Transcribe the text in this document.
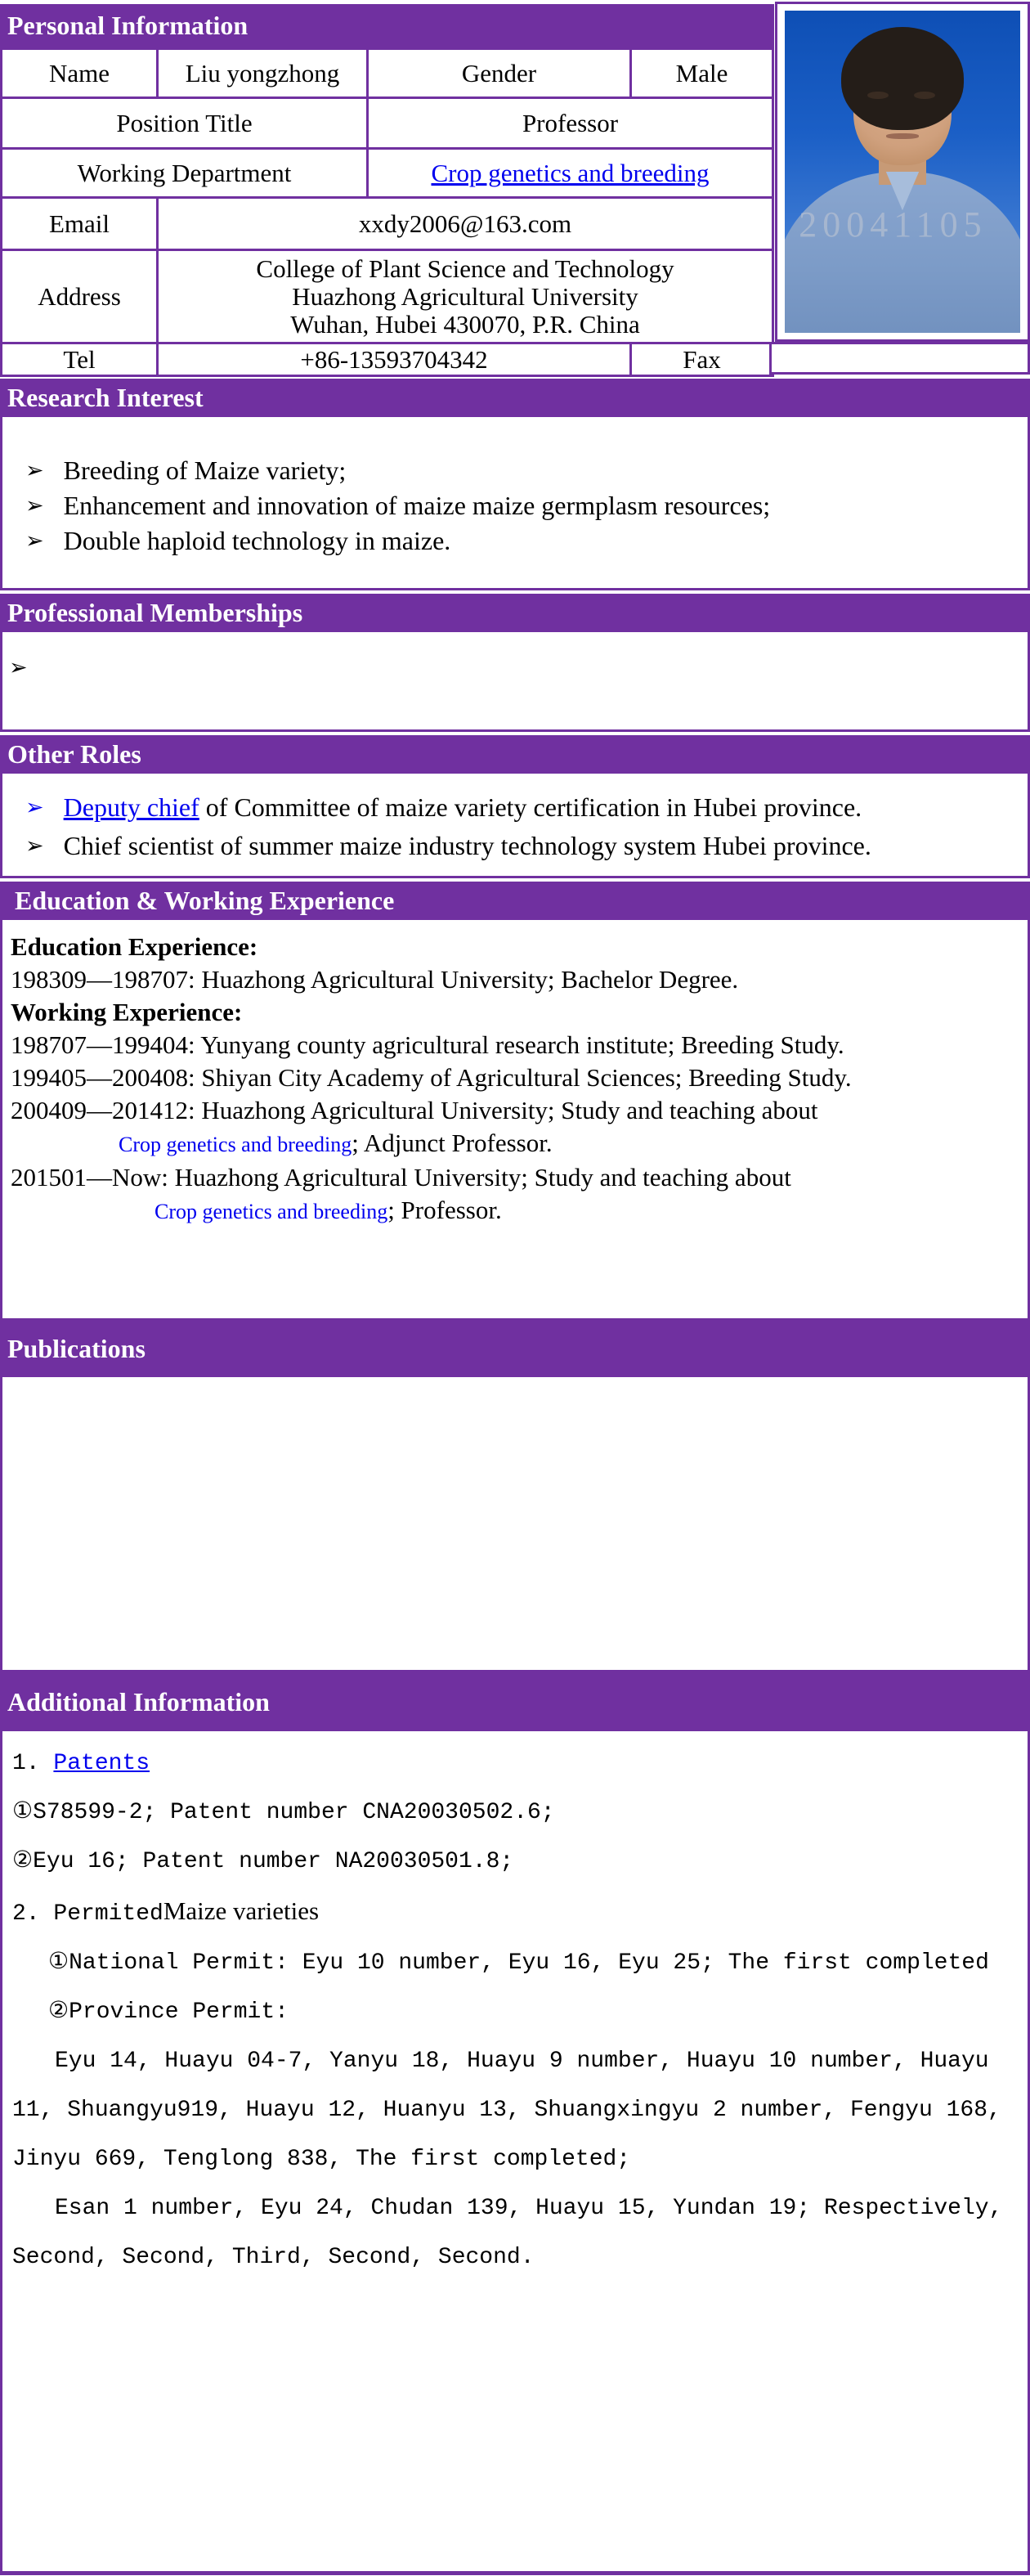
Personal Information
Name	Liu yongzhong	Gender	Male
Position Title		Professor	
Working Department		Crop genetics and breeding	
Email	xxdy2006@163.com		
Address	College of Plant Science and Technology
Huazhong Agricultural University
Wuhan, Hubei 430070, P.R. China		

Tel	+86-13593704342		Fax
20041105
Research Interest
➢ Breeding of Maize variety;
➢ Enhancement and innovation of maize maize germplasm resources;
➢ Double haploid technology in maize.
Professional Memberships
➢
Other Roles
➢ Deputy chief of Committee of maize variety certification in Hubei province.
➢ Chief scientist of summer maize industry technology system Hubei province.
Education & Working Experience
Education Experience:
198309—198707: Huazhong Agricultural University; Bachelor Degree.
Working Experience:
198707—199404: Yunyang county agricultural research institute; Breeding Study.
199405—200408: Shiyan City Academy of Agricultural Sciences; Breeding Study.
200409—201412: Huazhong Agricultural University; Study and teaching about
Crop genetics and breeding; Adjunct Professor.
201501—Now: Huazhong Agricultural University; Study and teaching about
Crop genetics and breeding; Professor.
Publications
Additional Information
1. Patents
①S78599-2; Patent number CNA20030502.6;
②Eyu 16; Patent number NA20030501.8;
2. PermitedMaize varieties
①National Permit: Eyu 10 number, Eyu 16, Eyu 25; The first completed
②Province Permit:
Eyu 14, Huayu 04-7, Yanyu 18, Huayu 9 number, Huayu 10 number, Huayu
11, Shuangyu919, Huayu 12, Huanyu 13, Shuangxingyu 2 number, Fengyu 168,
Jinyu 669, Tenglong 838, The first completed;
Esan 1 number, Eyu 24, Chudan 139, Huayu 15, Yundan 19; Respectively,
Second, Second, Third, Second, Second.
